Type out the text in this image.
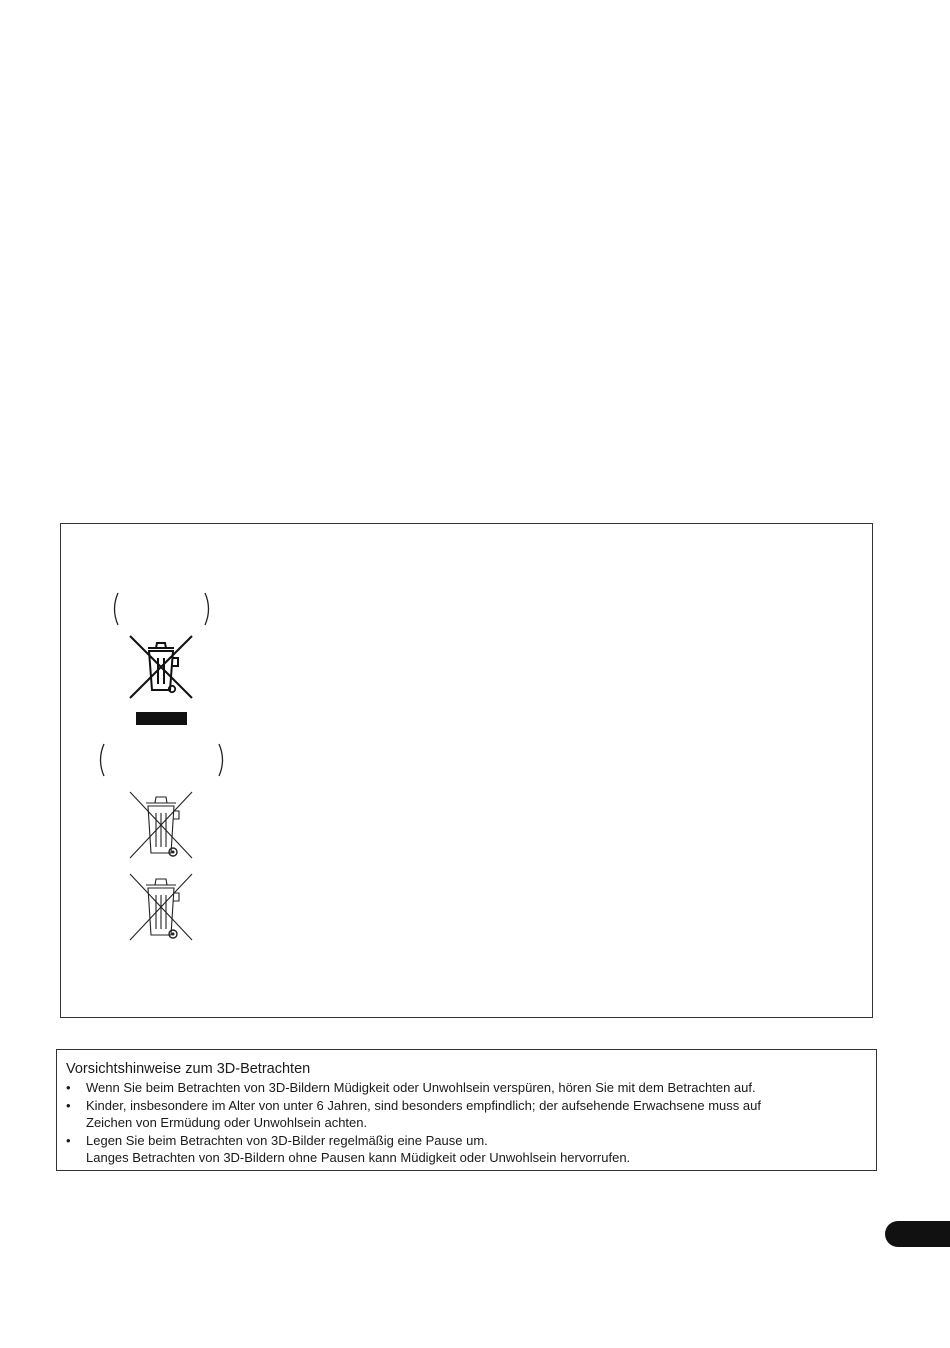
Vorsichtshinweise zum 3D-Betrachten
• Wenn Sie beim Betrachten von 3D-Bildern Müdigkeit oder Unwohlsein verspüren, hören Sie mit dem Betrachten auf.
• Kinder, insbesondere im Alter von unter 6 Jahren, sind besonders empfindlich; der aufsehende Erwachsene muss auf
Zeichen von Ermüdung oder Unwohlsein achten.
• Legen Sie beim Betrachten von 3D-Bilder regelmäßig eine Pause um.
Langes Betrachten von 3D-Bildern ohne Pausen kann Müdigkeit oder Unwohlsein hervorrufen.
